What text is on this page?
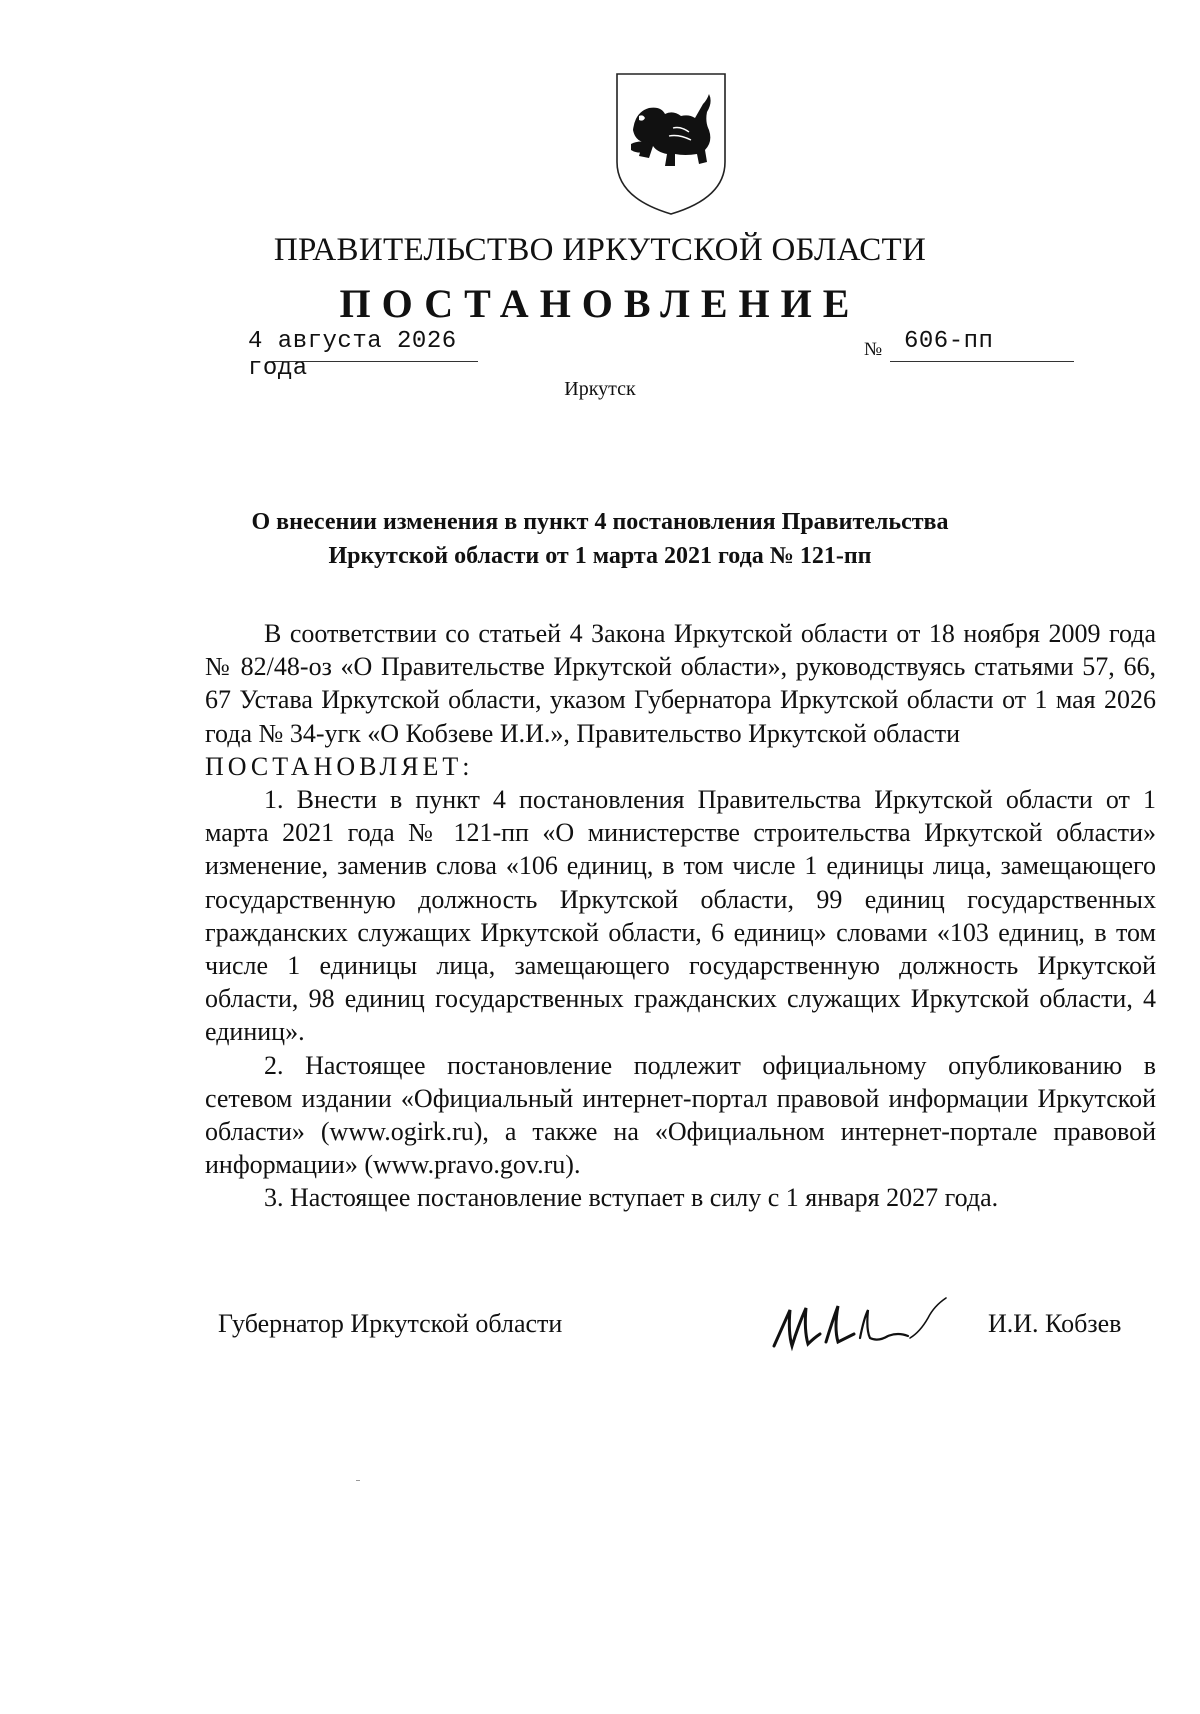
ПРАВИТЕЛЬСТВО ИРКУТСКОЙ ОБЛАСТИ
ПОСТАНОВЛЕНИЕ
4 августа 2026 года
№ 606-пп
Иркутск
О внесении изменения в пункт 4 постановления Правительства
Иркутской области от 1 марта 2021 года № 121-пп

В соответствии со статьей 4 Закона Иркутской области от 18 ноября 2009 года № 82/48-оз «О Правительстве Иркутской области», руководствуясь статьями 57, 66, 67 Устава Иркутской области, указом Губернатора Иркутской области от 1 мая 2026 года № 34-угк «О Кобзеве И.И.», Правительство Иркутской области

ПОСТАНОВЛЯЕТ:

1. Внести в пункт 4 постановления Правительства Иркутской области от 1 марта 2021 года № 121-пп «О министерстве строительства Иркутской области» изменение, заменив слова «106 единиц, в том числе 1 единицы лица, замещающего государственную должность Иркутской области, 99 единиц государственных гражданских служащих Иркутской области, 6 единиц» словами «103 единиц, в том числе 1 единицы лица, замещающего государственную должность Иркутской области, 98 единиц государственных гражданских служащих Иркутской области, 4 единиц».

2. Настоящее постановление подлежит официальному опубликованию в сетевом издании «Официальный интернет-портал правовой информации Иркутской области» (www.ogirk.ru), а также на «Официальном интернет-портале правовой информации» (www.pravo.gov.ru).

3. Настоящее постановление вступает в силу с 1 января 2027 года.

Губернатор Иркутской области	И.И. Кобзев
